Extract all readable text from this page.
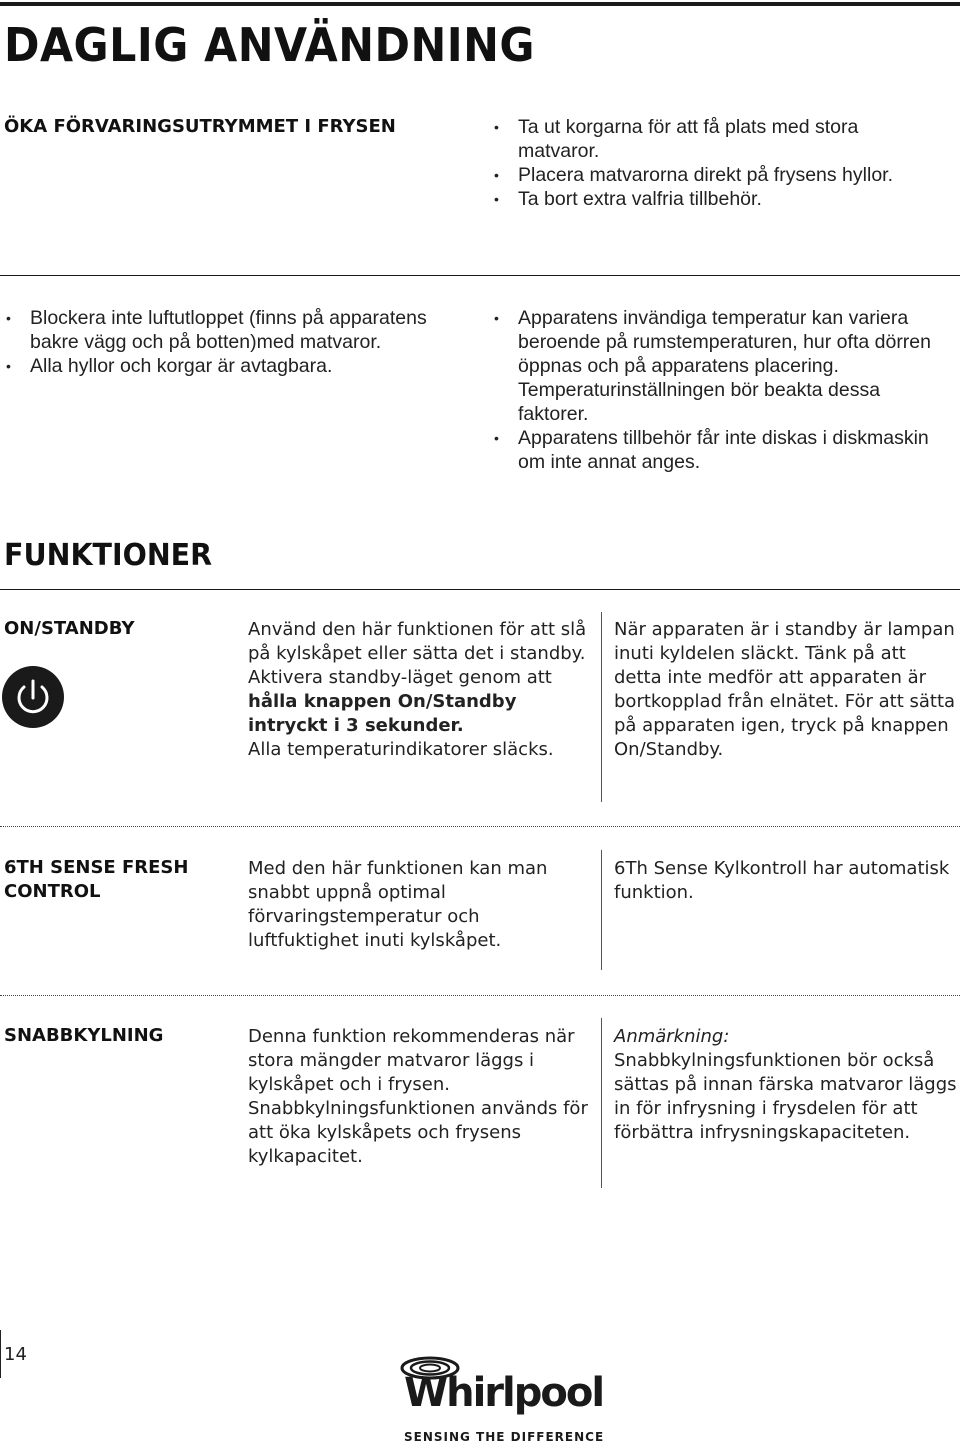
DAGLIG ANVÄNDNING
ÖKA FÖRVARINGSUTRYMMET I FRYSEN
•	Ta ut korgarna för att få plats med stora matvaror.
• Placera matvarorna direkt på frysens hyllor.
• Ta bort extra valfria tillbehör.
• Blockera inte luftutloppet (finns på apparatens bakre vägg och på botten)med matvaror.
• Alla hyllor och korgar är avtagbara.
• Apparatens invändiga temperatur kan variera beroende på rumstemperaturen, hur ofta dörren öppnas och på apparatens placering. Temperaturinställningen bör beakta dessa faktorer.
• Apparatens tillbehör får inte diskas i diskmaskin om inte annat anges.
FUNKTIONER
ON/STANDBY	Använd den här funktionen för att slå på kylskåpet eller sätta det i standby. Aktivera standby-läget genom att hålla knappen On/Standby intryckt i 3 sekunder.
Alla temperaturindikatorer släcks.
När apparaten är i standby är lampan inuti kyldelen släckt. Tänk på att detta inte medför att apparaten är bortkopplad från elnätet. För att sätta på apparaten igen, tryck på knappen On/Standby.
6TH SENSE FRESH CONTROL
Med den här funktionen kan man snabbt uppnå optimal förvaringstemperatur och luftfuktighet inuti kylskåpet.
6Th Sense Kylkontroll har automatisk funktion.
SNABBKYLNING	Denna funktion rekommenderas när stora mängder matvaror läggs i kylskåpet och i frysen. Snabbkylningsfunktionen används för att öka kylskåpets och frysens kylkapacitet.
Anmärkning: Snabbkylningsfunktionen bör också sättas på innan färska matvaror läggs in för infrysning i frysdelen för att förbättra infrysningskapaciteten.
14
Whirlpool
SENSING THE DIFFERENCE
